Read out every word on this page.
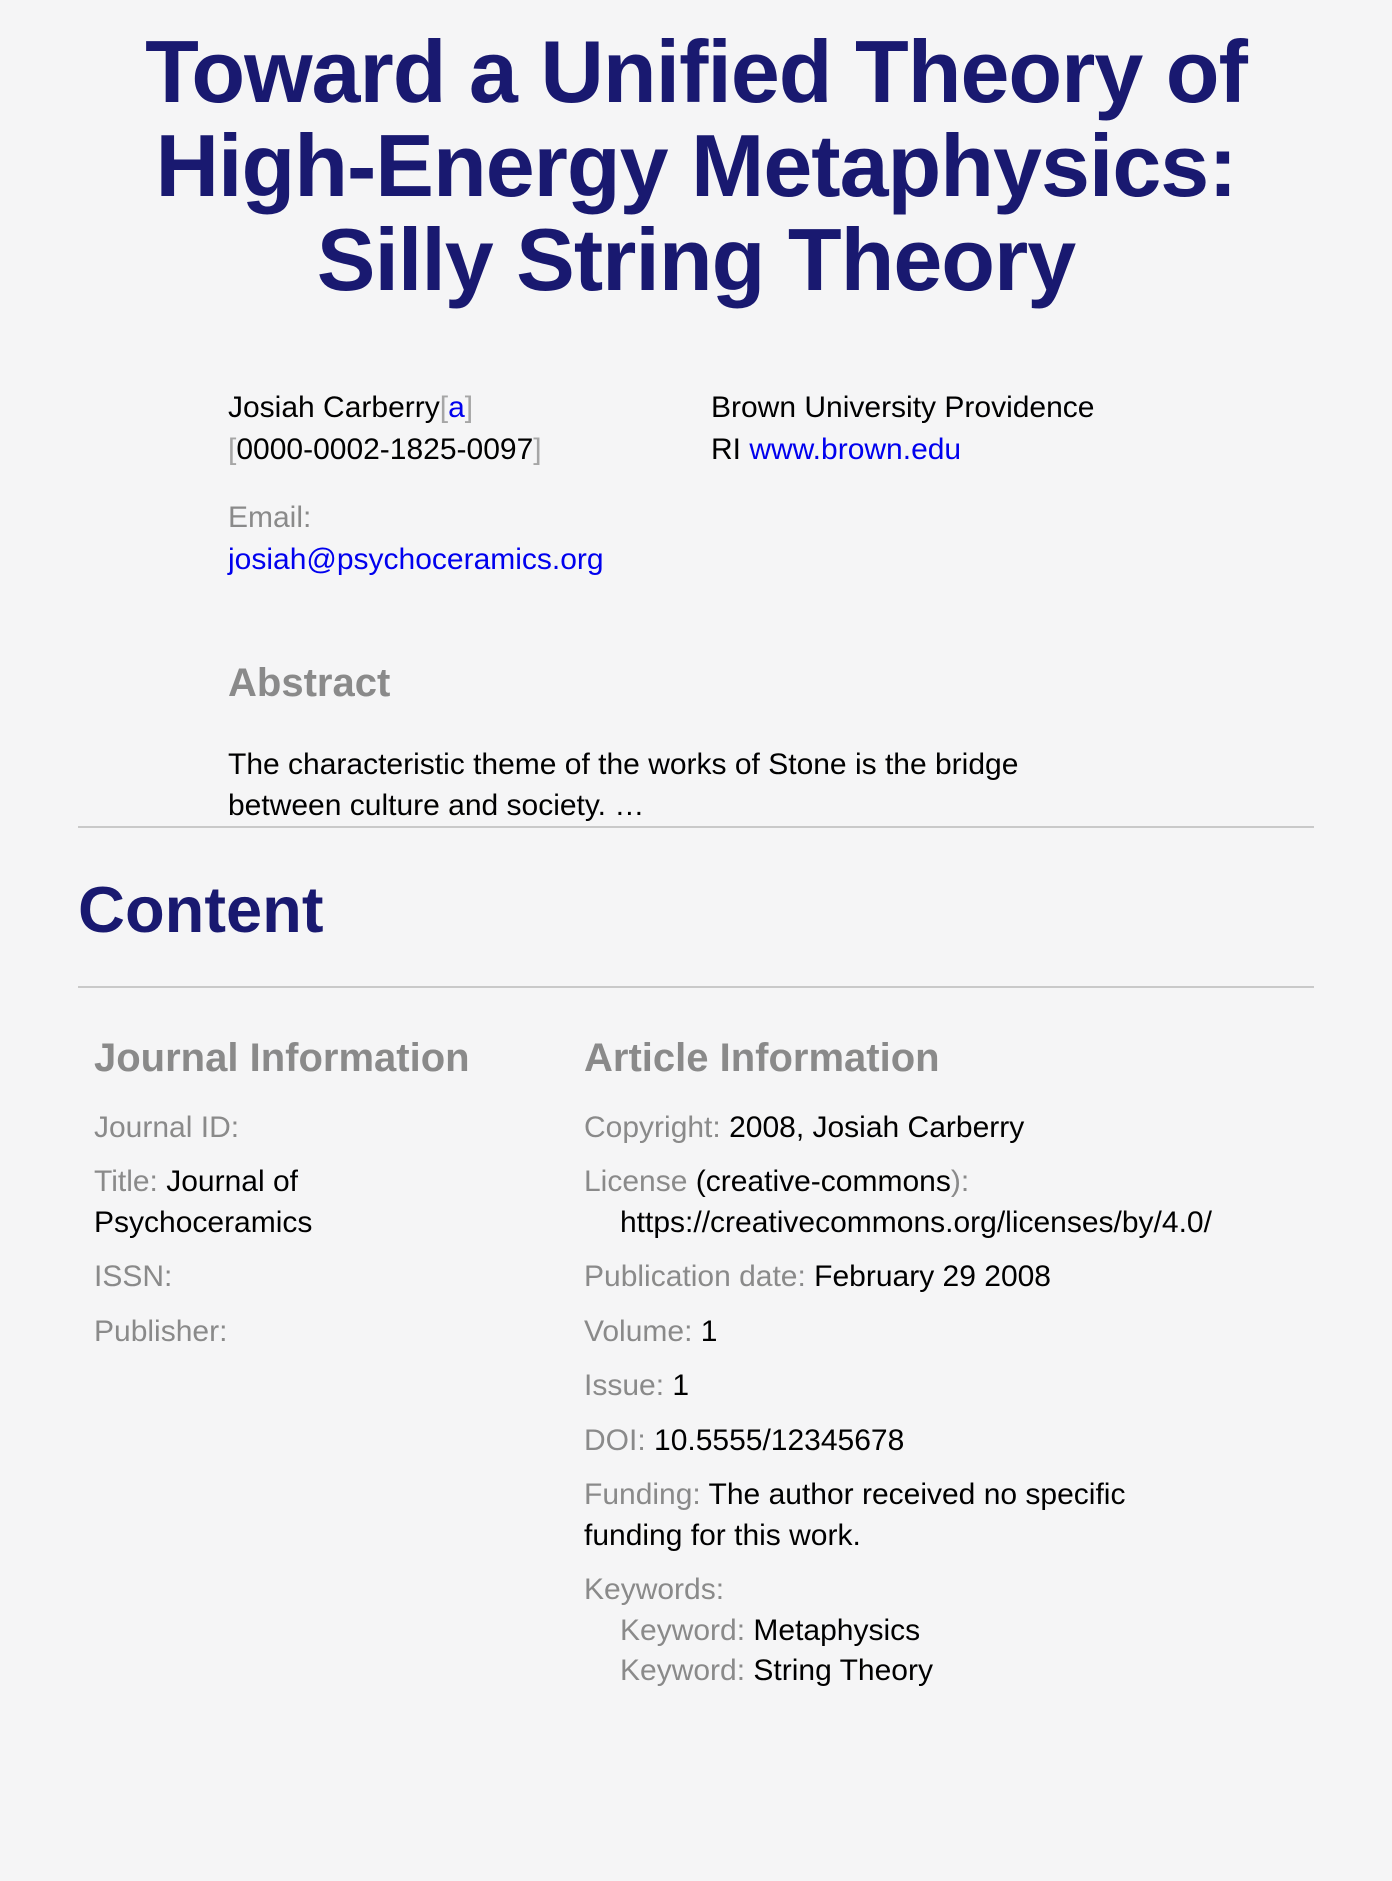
Toward a Unified Theory of
High-Energy Metaphysics:
Silly String Theory
Josiah Carberry[a]
[0000-0002-1825-0097]
Brown University Providence RI www.brown.edu
Email:
josiah@psychoceramics.org
Abstract

The characteristic theme of the works of Stone is the bridge between culture and society. …

Content
Journal Information
Journal ID:
Title: Journal of Psychoceramics
ISSN:
Publisher:
Article Information
Copyright: 2008, Josiah Carberry
License (creative-commons):
https://creativecommons.org/licenses/by/4.0/
Publication date: February 29 2008
Volume: 1
Issue: 1
DOI: 10.5555/12345678
Funding: The author received no specific funding for this work.
Keywords:
Keyword: Metaphysics
Keyword: String Theory
